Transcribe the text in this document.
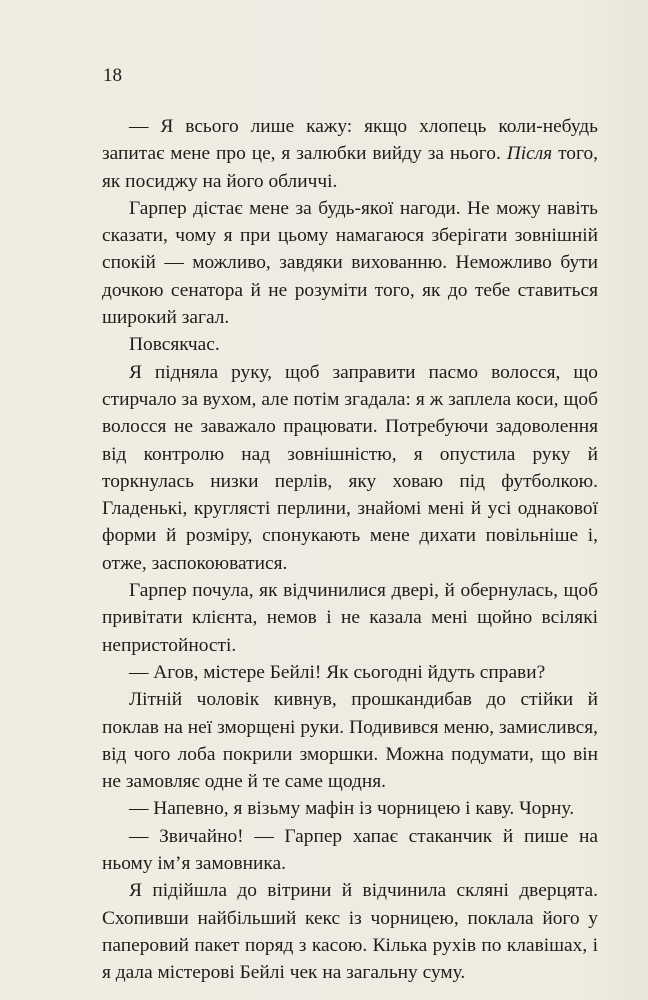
18

— Я всього лише кажу: якщо хлопець коли-небудь запитає мене про це, я залюбки вийду за нього. Після того, як посиджу на його обличчі.

Гарпер дістає мене за будь-якої нагоди. Не можу навіть сказати, чому я при цьому намагаюся зберігати зовнішній спокій — можливо, завдяки вихованню. Неможливо бути дочкою сенатора й не розуміти того, як до тебе ставиться широкий загал.

Повсякчас.

Я підняла руку, щоб заправити пасмо волосся, що стирчало за вухом, але потім згадала: я ж заплела коси, щоб волосся не заважало працювати. Потребуючи задоволення від контролю над зовнішністю, я опустила руку й торкнулась низки перлів, яку ховаю під футболкою. Гладенькі, круглясті перлини, знайомі мені й усі однакової форми й розміру, спонукають мене дихати повільніше і, отже, заспокоюватися.

Гарпер почула, як відчинилися двері, й обернулась, щоб привітати клієнта, немов і не казала мені щойно всілякі непристойності.

— Агов, містере Бейлі! Як сьогодні йдуть справи?

Літній чоловік кивнув, прошкандибав до стійки й поклав на неї зморщені руки. Подивився меню, замислився, від чого лоба покрили зморшки. Можна подумати, що він не замовляє одне й те саме щодня.

— Напевно, я візьму мафін із чорницею і каву. Чорну.

— Звичайно! — Гарпер хапає стаканчик й пише на ньому ім’я замовника.

Я підійшла до вітрини й відчинила скляні дверцята. Схопивши найбільший кекс із чорницею, поклала його у паперовий пакет поряд з касою. Кілька рухів по клавішах, і я дала містерові Бейлі чек на загальну суму.
